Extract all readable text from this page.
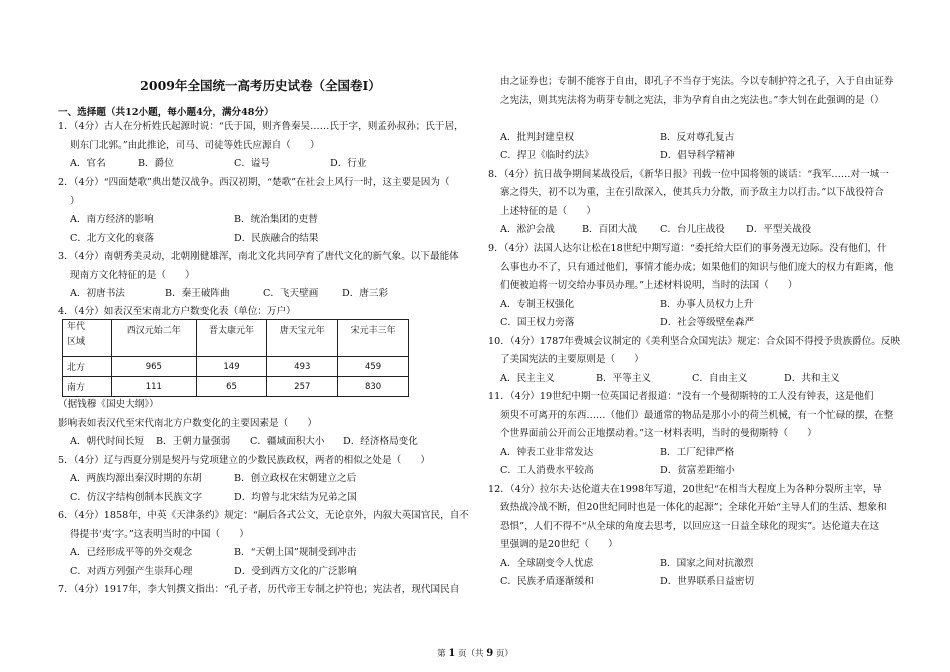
2009年全国统一高考历史试卷（全国卷Ⅰ）
一、选择题（共12小题，每小题4分，满分48分）
1．（4分）古人在分析姓氏起源时说：“氏于国，则齐鲁秦吴……氏于字，则孟孙叔孙；氏于居，
则东门北郭。”由此推论，司马、司徒等姓氏应源自（　　）
A．官名	B．爵位	C．谥号	D．行业
2．（4分）“四面楚歌”典出楚汉战争。西汉初期，“楚歌”在社会上风行一时，这主要是因为（
）
A．南方经济的影响	B．统治集团的吏替
C．北方文化的衰落	D．民族融合的结果
3．（4分）南朝秀美灵动，北朝刚健雄浑，南北文化共同孕育了唐代文化的新气象。以下最能体
现南方文化特征的是（　　）
A．初唐书法	B．秦王破阵曲	C．飞天壁画 D．唐三彩
4．（4分）如表汉至宋南北方户数变化表（单位：万户）
年代
区域	西汉元始二年	晋太康元年	唐天宝元年	宋元丰三年
北方	965	149	493	459
南方	111	65	257	830
（据钱穆《国史大纲》）
影响表如表汉代至宋代南北方户数变化的主要因素是（　　）
A．朝代时间长短 B．王朝力量强弱 C．疆域面积大小 D．经济格局变化
5．（4分）辽与西夏分别是契丹与党项建立的少数民族政权，两者的相似之处是（　　）
A．两族均源出秦汉时期的东胡	B．创立政权在宋朝建立之后
C．仿汉字结构创制本民族文字	D．均曾与北宋结为兄弟之国
6．（4分）1858年，中英《天津条约》规定：“嗣后各式公文，无论京外，内叙大英国官民，自不
得提书‘夷’字。”这表明当时的中国（　　）
A．已经形成平等的外交观念	B．“天朝上国”规制受到冲击
C．对西方列强产生崇拜心理	D．受到西方文化的广泛影响
7．（4分）1917年，李大钊撰文指出：“孔子者，历代帝王专制之护符也；宪法者，现代国民自
由之证券也；专制不能容于自由，即孔子不当存于宪法。今以专制护符之孔子，入于自由证券
之宪法，则其宪法将为萌芽专制之宪法，非为孕育自由之宪法也。”李大钊在此强调的是（）
A．批判封建皇权	B．反对尊孔复古
C．捍卫《临时约法》	D．倡导科学精神
8．（4分）抗日战争期间某战役后，《新华日报》刊载一位中国将领的谈话：“我军……对一城一
寨之得失，初不以为重，主在引敌深入，使其兵力分散，而予敌主力以打击。”以下战役符合
上述特征的是（　　）
A．淞沪会战	B．百团大战 C．台儿庄战役 D．平型关战役
9．（4分）法国人达尔让松在18世纪中期写道：“委托给大臣们的事务漫无边际。没有他们，什
么事也办不了，只有通过他们，事情才能办成；如果他们的知识与他们庞大的权力有距离，他
们便被迫将一切交给办事员办理。”上述材料说明，当时的法国（　　）
A．专制王权强化	B．办事人员权力上升
C．国王权力旁落	D．社会等级壁垒森严
10．（4分）1787年费城会议制定的《美利坚合众国宪法》规定：合众国不得授予贵族爵位。反映
了美国宪法的主要原则是（　　）
A．民主主义	B．平等主义	C．自由主义	D．共和主义
11．（4分）19世纪中期一位英国记者报道：“没有一个曼彻斯特的工人没有钟表，这是他们
须臾不可离开的东西……（他们）最通常的物品是那小小的荷兰机械，有一个忙碌的摆，在整
个世界面前公开而公正地摆动着。”这一材料表明，当时的曼彻斯特（　　）
A．钟表工业非常发达	B．工厂纪律严格
C．工人消费水平较高	D．贫富差距缩小
12．（4分）拉尔夫·达伦道夫在1998年写道，20世纪“在相当大程度上为各种分裂所主宰，导
致热战冷战不断，但20世纪同时也是一体化的起源”；全球化开始“主导人们的生活、想象和
恐惧”，人们不得不“从全球的角度去思考，以回应这一日益全球化的现实”。达伦道夫在这
里强调的是20世纪（　　）
A．全球剧变令人忧虑	B．国家之间对抗激烈
C．民族矛盾逐渐缓和	D．世界联系日益密切
第 1 页（共 9 页）
